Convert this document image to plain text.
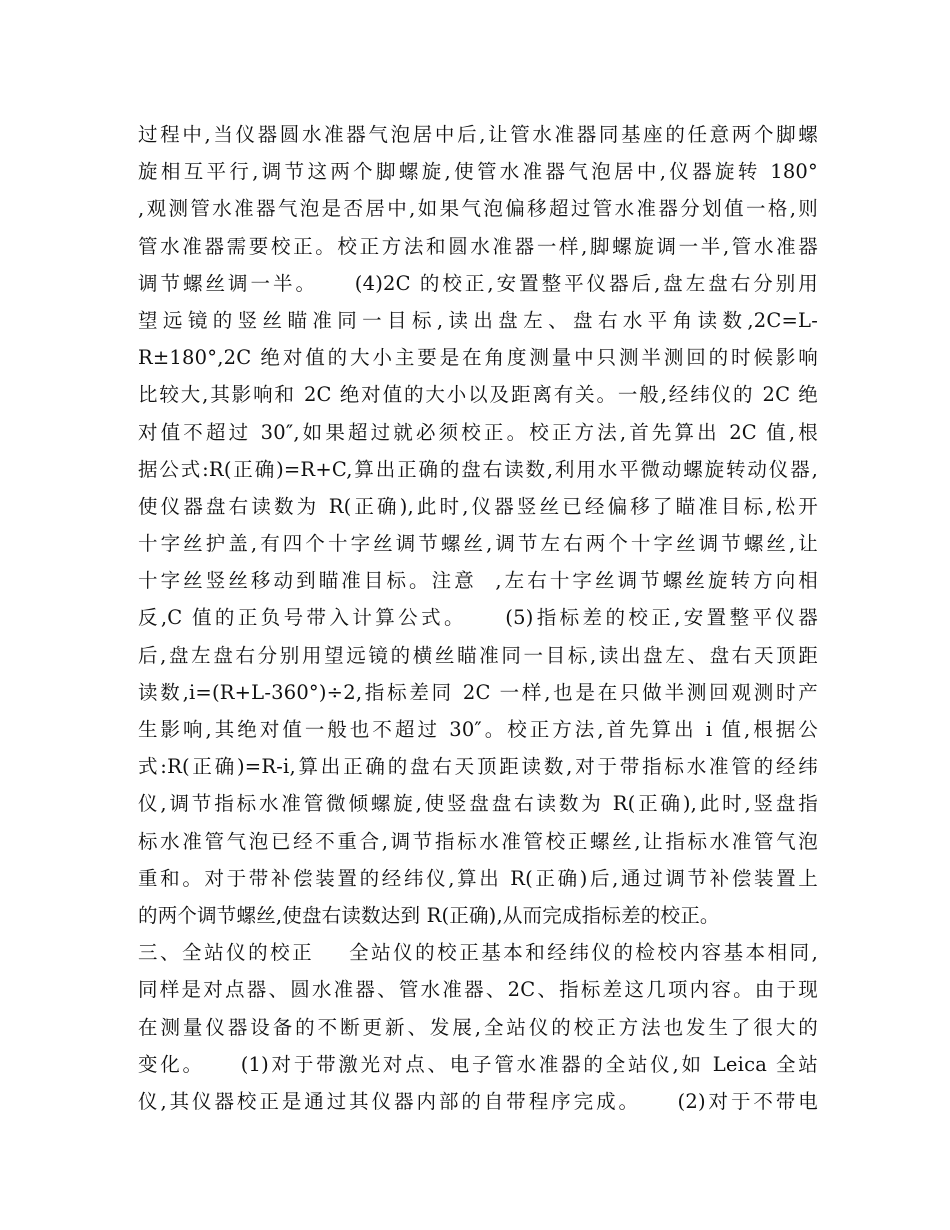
过程中,当仪器圆水准器气泡居中后,让管水准器同基座的任意两个脚螺
旋相互平行,调节这两个脚螺旋,使管水准器气泡居中,仪器旋转 180°
,观测管水准器气泡是否居中,如果气泡偏移超过管水准器分划值一格,则
管水准器需要校正。校正方法和圆水准器一样,脚螺旋调一半,管水准器
调节螺丝调一半。    (4)2C 的校正,安置整平仪器后,盘左盘右分别用
望远镜的竖丝瞄准同一目标,读出盘左、盘右水平角读数,2C=L-
R±180°,2C 绝对值的大小主要是在角度测量中只测半测回的时候影响
比较大,其影响和 2C 绝对值的大小以及距离有关。一般,经纬仪的 2C 绝
对值不超过 30″,如果超过就必须校正。校正方法,首先算出 2C 值,根
据公式:R(正确)=R+C,算出正确的盘右读数,利用水平微动螺旋转动仪器,
使仪器盘右读数为 R(正确),此时,仪器竖丝已经偏移了瞄准目标,松开
十字丝护盖,有四个十字丝调节螺丝,调节左右两个十字丝调节螺丝,让
十字丝竖丝移动到瞄准目标。注意  ,左右十字丝调节螺丝旋转方向相
反,C 值的正负号带入计算公式。    (5)指标差的校正,安置整平仪器
后,盘左盘右分别用望远镜的横丝瞄准同一目标,读出盘左、盘右天顶距
读数,i=(R+L-360°)÷2,指标差同 2C 一样,也是在只做半测回观测时产
生影响,其绝对值一般也不超过 30″。校正方法,首先算出 i 值,根据公
式:R(正确)=R-i,算出正确的盘右天顶距读数,对于带指标水准管的经纬
仪,调节指标水准管微倾螺旋,使竖盘盘右读数为 R(正确),此时,竖盘指
标水准管气泡已经不重合,调节指标水准管校正螺丝,让指标水准管气泡
重和。对于带补偿装置的经纬仪,算出 R(正确)后,通过调节补偿装置上
的两个调节螺丝,使盘右读数达到 R(正确),从而完成指标差的校正。
三、全站仪的校正    全站仪的校正基本和经纬仪的检校内容基本相同,
同样是对点器、圆水准器、管水准器、2C、指标差这几项内容。由于现
在测量仪器设备的不断更新、发展,全站仪的校正方法也发生了很大的
变化。    (1)对于带激光对点、电子管水准器的全站仪,如 Leica 全站
仪,其仪器校正是通过其仪器内部的自带程序完成。    (2)对于不带电
